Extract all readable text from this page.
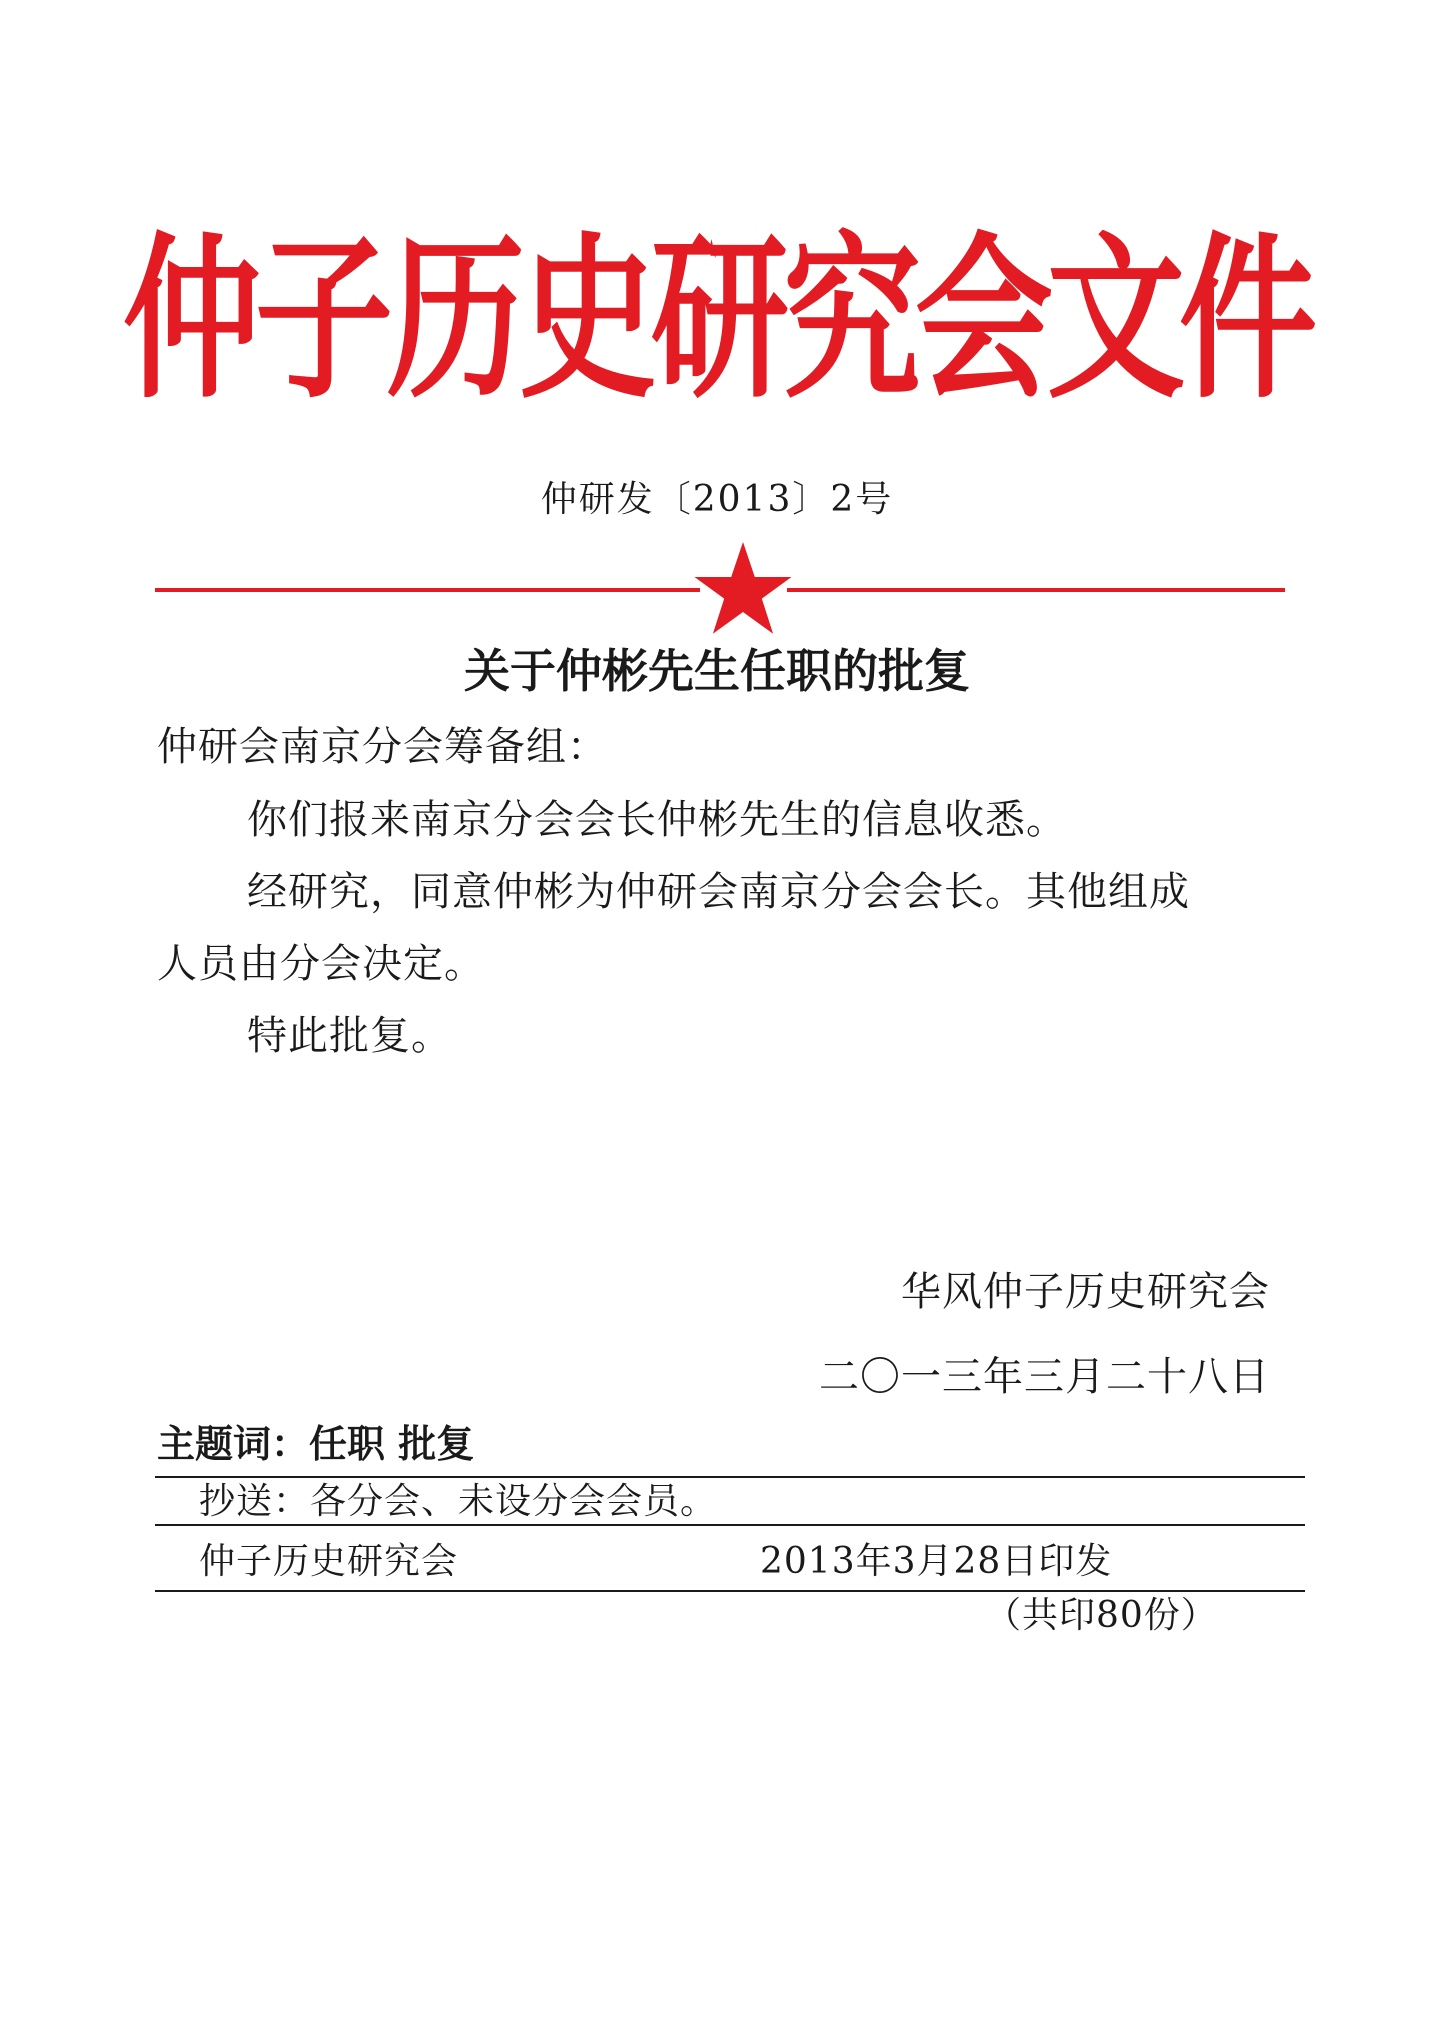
仲子历史研究会文件

仲研发〔2013〕2号

关于仲彬先生任职的批复

仲研会南京分会筹备组：

你们报来南京分会会长仲彬先生的信息收悉。

经研究，同意仲彬为仲研会南京分会会长。其他组成

人员由分会决定。

特此批复。

华风仲子历史研究会

二〇一三年三月二十八日

主题词：任职 批复

抄送：各分会、未设分会会员。

仲子历史研究会	2013年3月28日印发

（共印80份）
